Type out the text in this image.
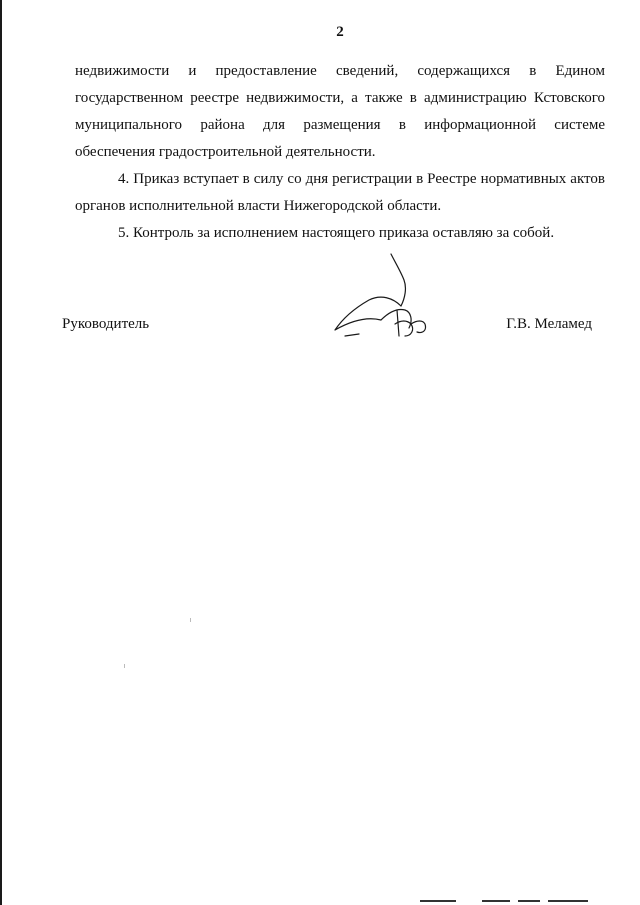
2
недвижимости и предоставление сведений, содержащихся в Едином
государственном реестре недвижимости, а также в администрацию Кстовского
муниципального района для размещения в информационной системе
обеспечения градостроительной деятельности.
4. Приказ вступает в силу со дня регистрации в Реестре нормативных актов
органов исполнительной власти Нижегородской области.
5. Контроль за исполнением настоящего приказа оставляю за собой.
Руководитель	Г.В. Меламед
